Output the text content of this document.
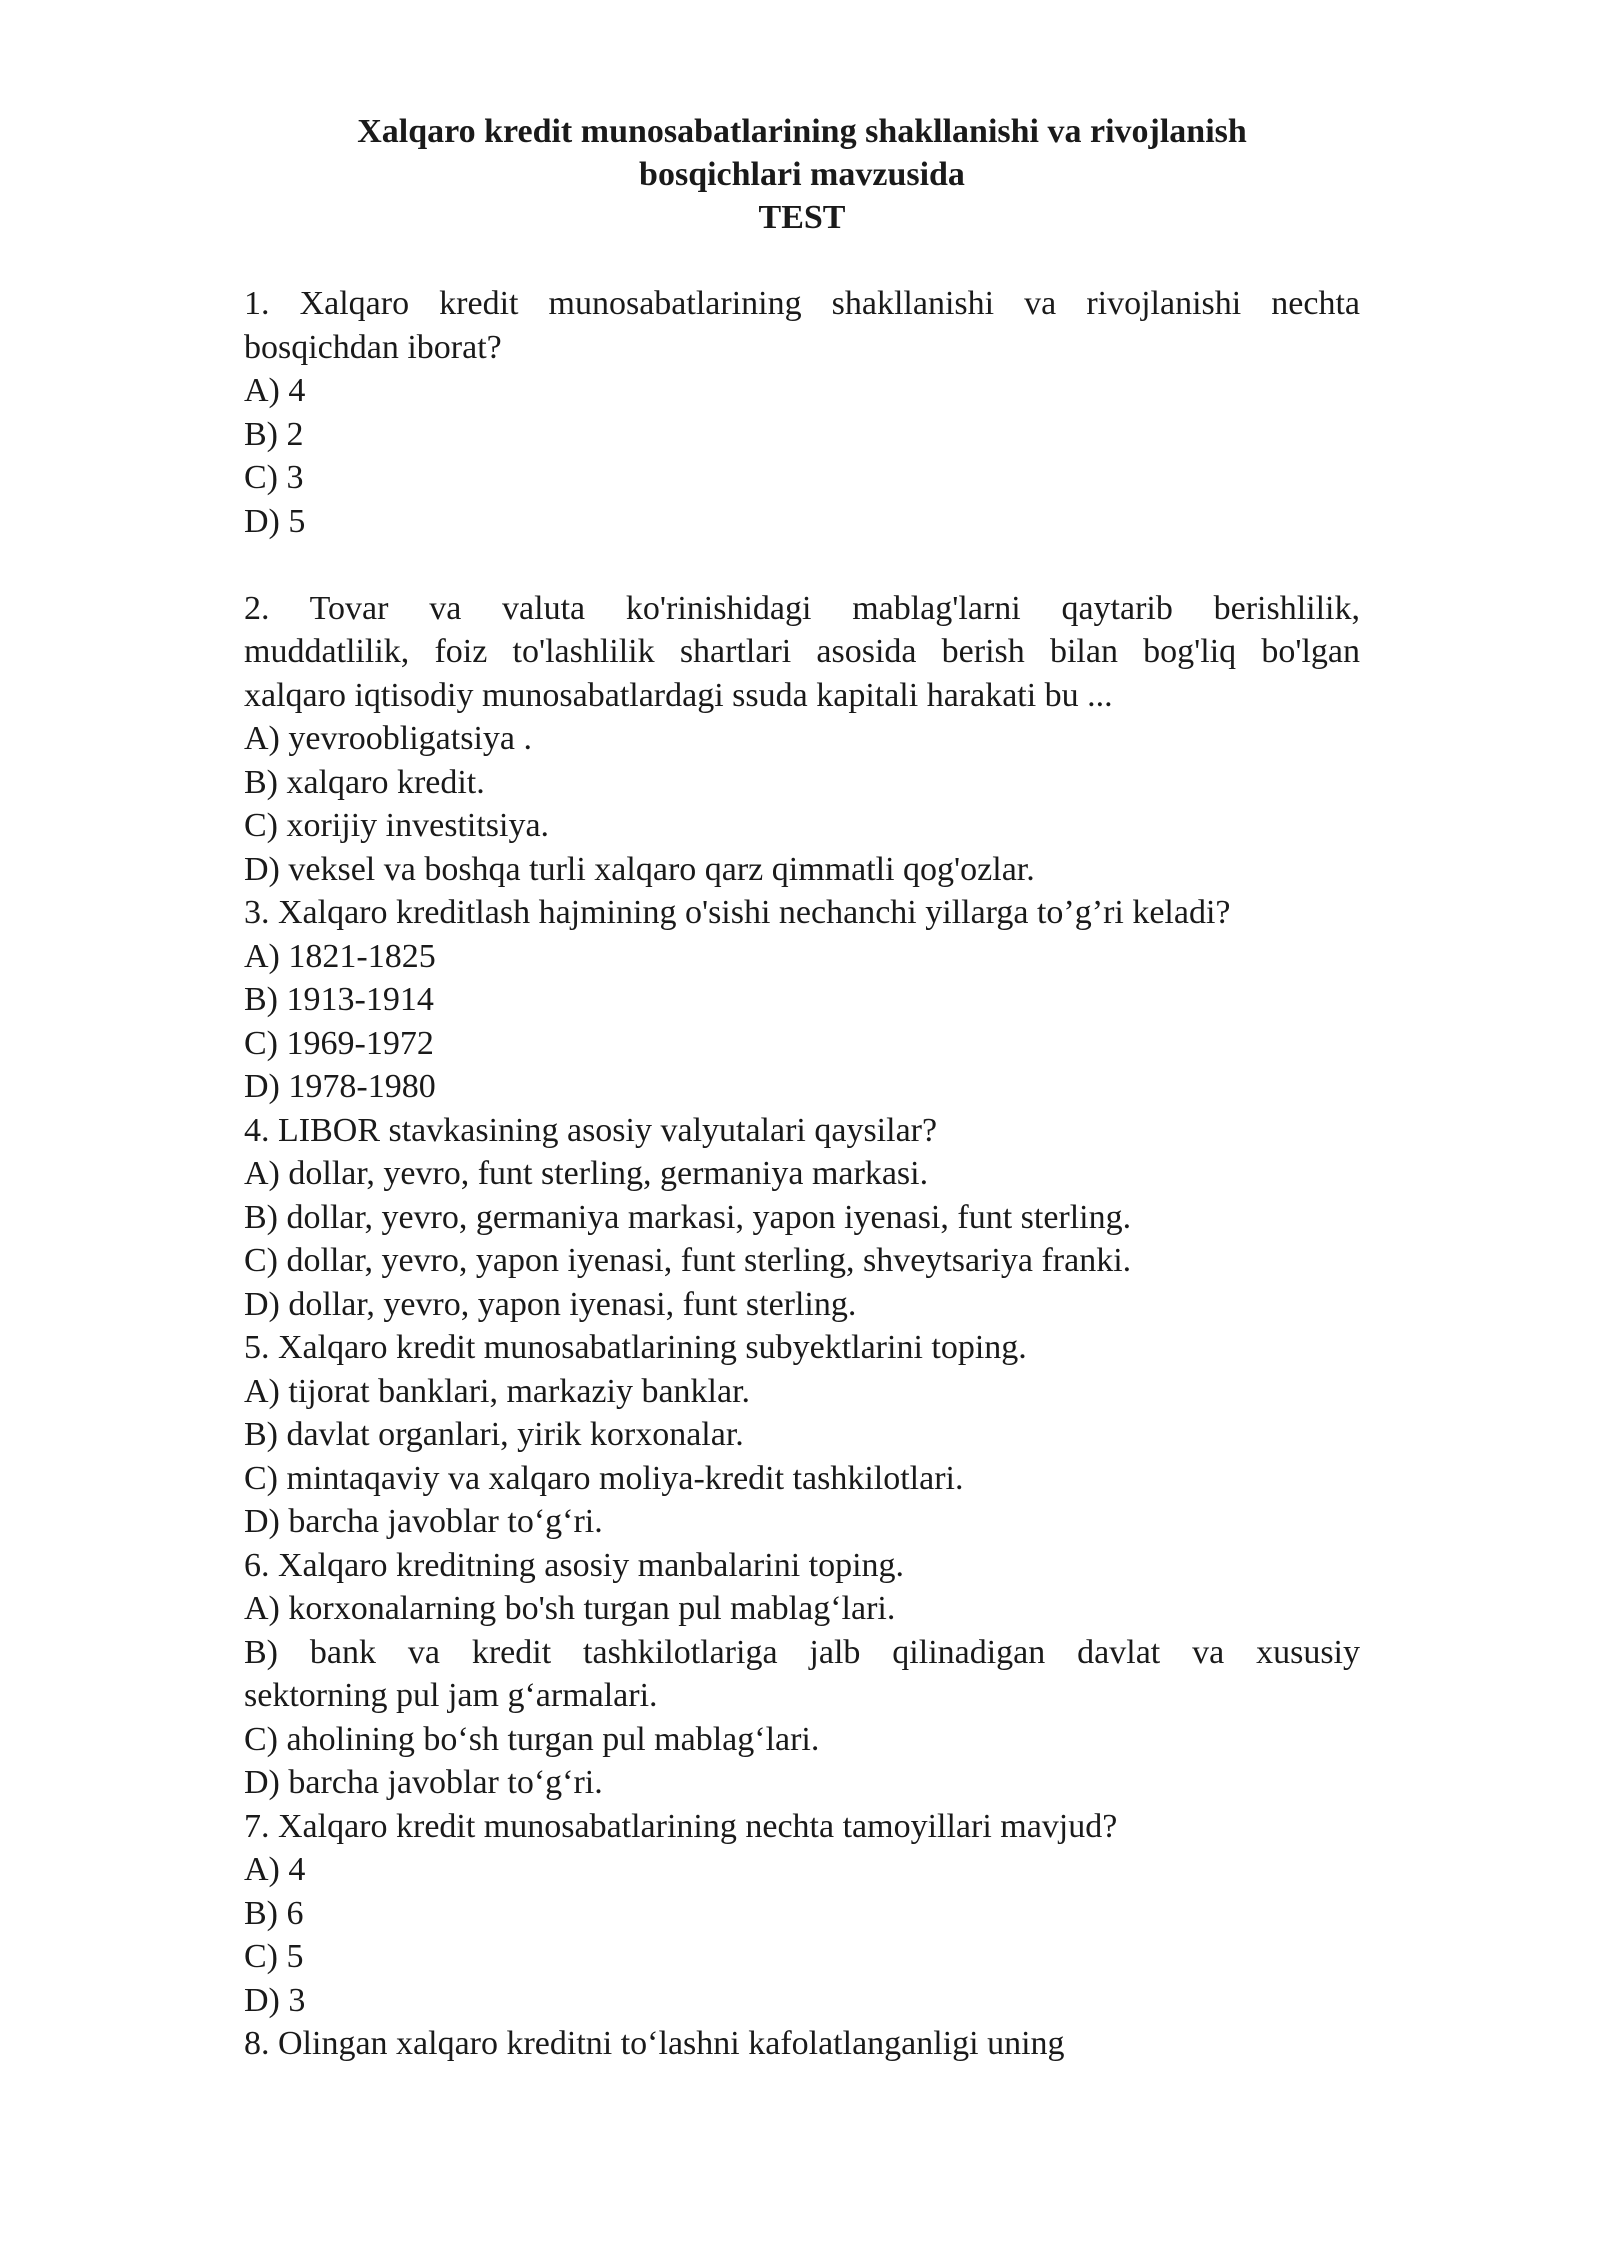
Xalqaro kredit munosabatlarining shakllanishi va rivojlanish

bosqichlari mavzusida

TEST

1. Xalqaro kredit munosabatlarining shakllanishi va rivojlanishi nechta

bosqichdan iborat?

A) 4

B) 2

C) 3

D) 5

2. Tovar va valuta ko'rinishidagi mablag'larni qaytarib berishlilik,

muddatlilik, foiz to'lashlilik shartlari asosida berish bilan bog'liq bo'lgan

xalqaro iqtisodiy munosabatlardagi ssuda kapitali harakati bu ...

A) yevroobligatsiya .

B) xalqaro kredit.

C) xorijiy investitsiya.

D) veksel va boshqa turli xalqaro qarz qimmatli qog'ozlar.

3. Xalqaro kreditlash hajmining o'sishi nechanchi yillarga to’g’ri keladi?

A) 1821-1825

B) 1913-1914

C) 1969-1972

D) 1978-1980

4. LIBOR stavkasining asosiy valyutalari qaysilar?

A) dollar, yevro, funt sterling, germaniya markasi.

B) dollar, yevro, germaniya markasi, yapon iyenasi, funt sterling.

C) dollar, yevro, yapon iyenasi, funt sterling, shveytsariya franki.

D) dollar, yevro, yapon iyenasi, funt sterling.

5. Xalqaro kredit munosabatlarining subyektlarini toping.

A) tijorat banklari, markaziy banklar.

B) davlat organlari, yirik korxonalar.

C) mintaqaviy va xalqaro moliya-kredit tashkilotlari.

D) barcha javoblar to‘g‘ri.

6. Xalqaro kreditning asosiy manbalarini toping.

A) korxonalarning bo'sh turgan pul mablag‘lari.

B) bank va kredit tashkilotlariga jalb qilinadigan davlat va xususiy

sektorning pul jam g‘armalari.

C) aholining bo‘sh turgan pul mablag‘lari.

D) barcha javoblar to‘g‘ri.

7. Xalqaro kredit munosabatlarining nechta tamoyillari mavjud?

A) 4

B) 6

C) 5

D) 3

8. Olingan xalqaro kreditni to‘lashni kafolatlanganligi uning
